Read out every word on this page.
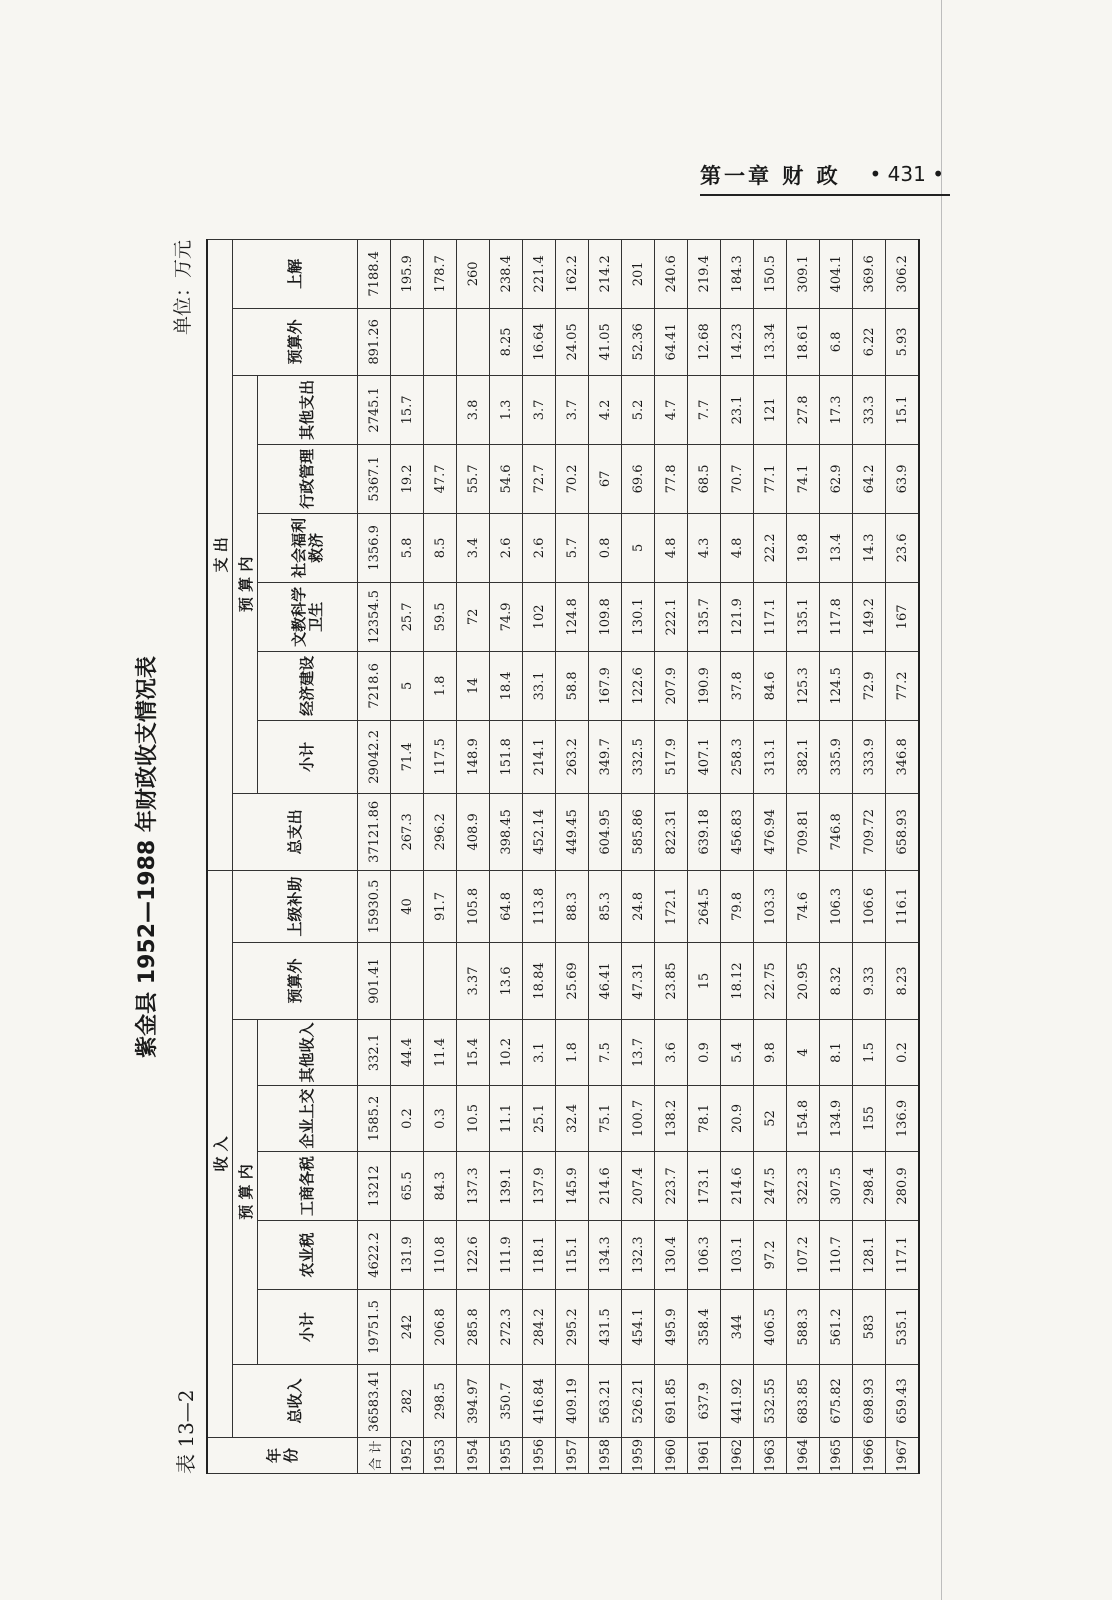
第一章 财 政 • 431 •
紫金县 1952—1988 年财政收支情况表
表 13—2
单位：万元
年 份	收 入								支 出								
	总收入	预 算 内					预算外	上级补助	总支出	预 算 内						预算外	上解
		小计	农业税	工商各税	企业上交	其他收入				小计	经济建设	文教科学卫生	社会福利救济	行政管理	其他支出		
合 计	36583.41	19751.5	4622.2	13212	1585.2	332.1	901.41	15930.5	37121.86	29042.2	7218.6	12354.5	1356.9	5367.1	2745.1	891.26	7188.4
1952	282	242	131.9	65.5	0.2	44.4		40	267.3	71.4	5	25.7	5.8	19.2	15.7		195.9
1953	298.5	206.8	110.8	84.3	0.3	11.4		91.7	296.2	117.5	1.8	59.5	8.5	47.7			178.7
1954	394.97	285.8	122.6	137.3	10.5	15.4	3.37	105.8	408.9	148.9	14	72	3.4	55.7	3.8		260
1955	350.7	272.3	111.9	139.1	11.1	10.2	13.6	64.8	398.45	151.8	18.4	74.9	2.6	54.6	1.3	8.25	238.4
1956	416.84	284.2	118.1	137.9	25.1	3.1	18.84	113.8	452.14	214.1	33.1	102	2.6	72.7	3.7	16.64	221.4
1957	409.19	295.2	115.1	145.9	32.4	1.8	25.69	88.3	449.45	263.2	58.8	124.8	5.7	70.2	3.7	24.05	162.2
1958	563.21	431.5	134.3	214.6	75.1	7.5	46.41	85.3	604.95	349.7	167.9	109.8	0.8	67	4.2	41.05	214.2
1959	526.21	454.1	132.3	207.4	100.7	13.7	47.31	24.8	585.86	332.5	122.6	130.1	5	69.6	5.2	52.36	201
1960	691.85	495.9	130.4	223.7	138.2	3.6	23.85	172.1	822.31	517.9	207.9	222.1	4.8	77.8	4.7	64.41	240.6
1961	637.9	358.4	106.3	173.1	78.1	0.9	15	264.5	639.18	407.1	190.9	135.7	4.3	68.5	7.7	12.68	219.4
1962	441.92	344	103.1	214.6	20.9	5.4	18.12	79.8	456.83	258.3	37.8	121.9	4.8	70.7	23.1	14.23	184.3
1963	532.55	406.5	97.2	247.5	52	9.8	22.75	103.3	476.94	313.1	84.6	117.1	22.2	77.1	121	13.34	150.5
1964	683.85	588.3	107.2	322.3	154.8	4	20.95	74.6	709.81	382.1	125.3	135.1	19.8	74.1	27.8	18.61	309.1
1965	675.82	561.2	110.7	307.5	134.9	8.1	8.32	106.3	746.8	335.9	124.5	117.8	13.4	62.9	17.3	6.8	404.1
1966	698.93	583	128.1	298.4	155	1.5	9.33	106.6	709.72	333.9	72.9	149.2	14.3	64.2	33.3	6.22	369.6
1967	659.43	535.1	117.1	280.9	136.9	0.2	8.23	116.1	658.93	346.8	77.2	167	23.6	63.9	15.1	5.93	306.2
